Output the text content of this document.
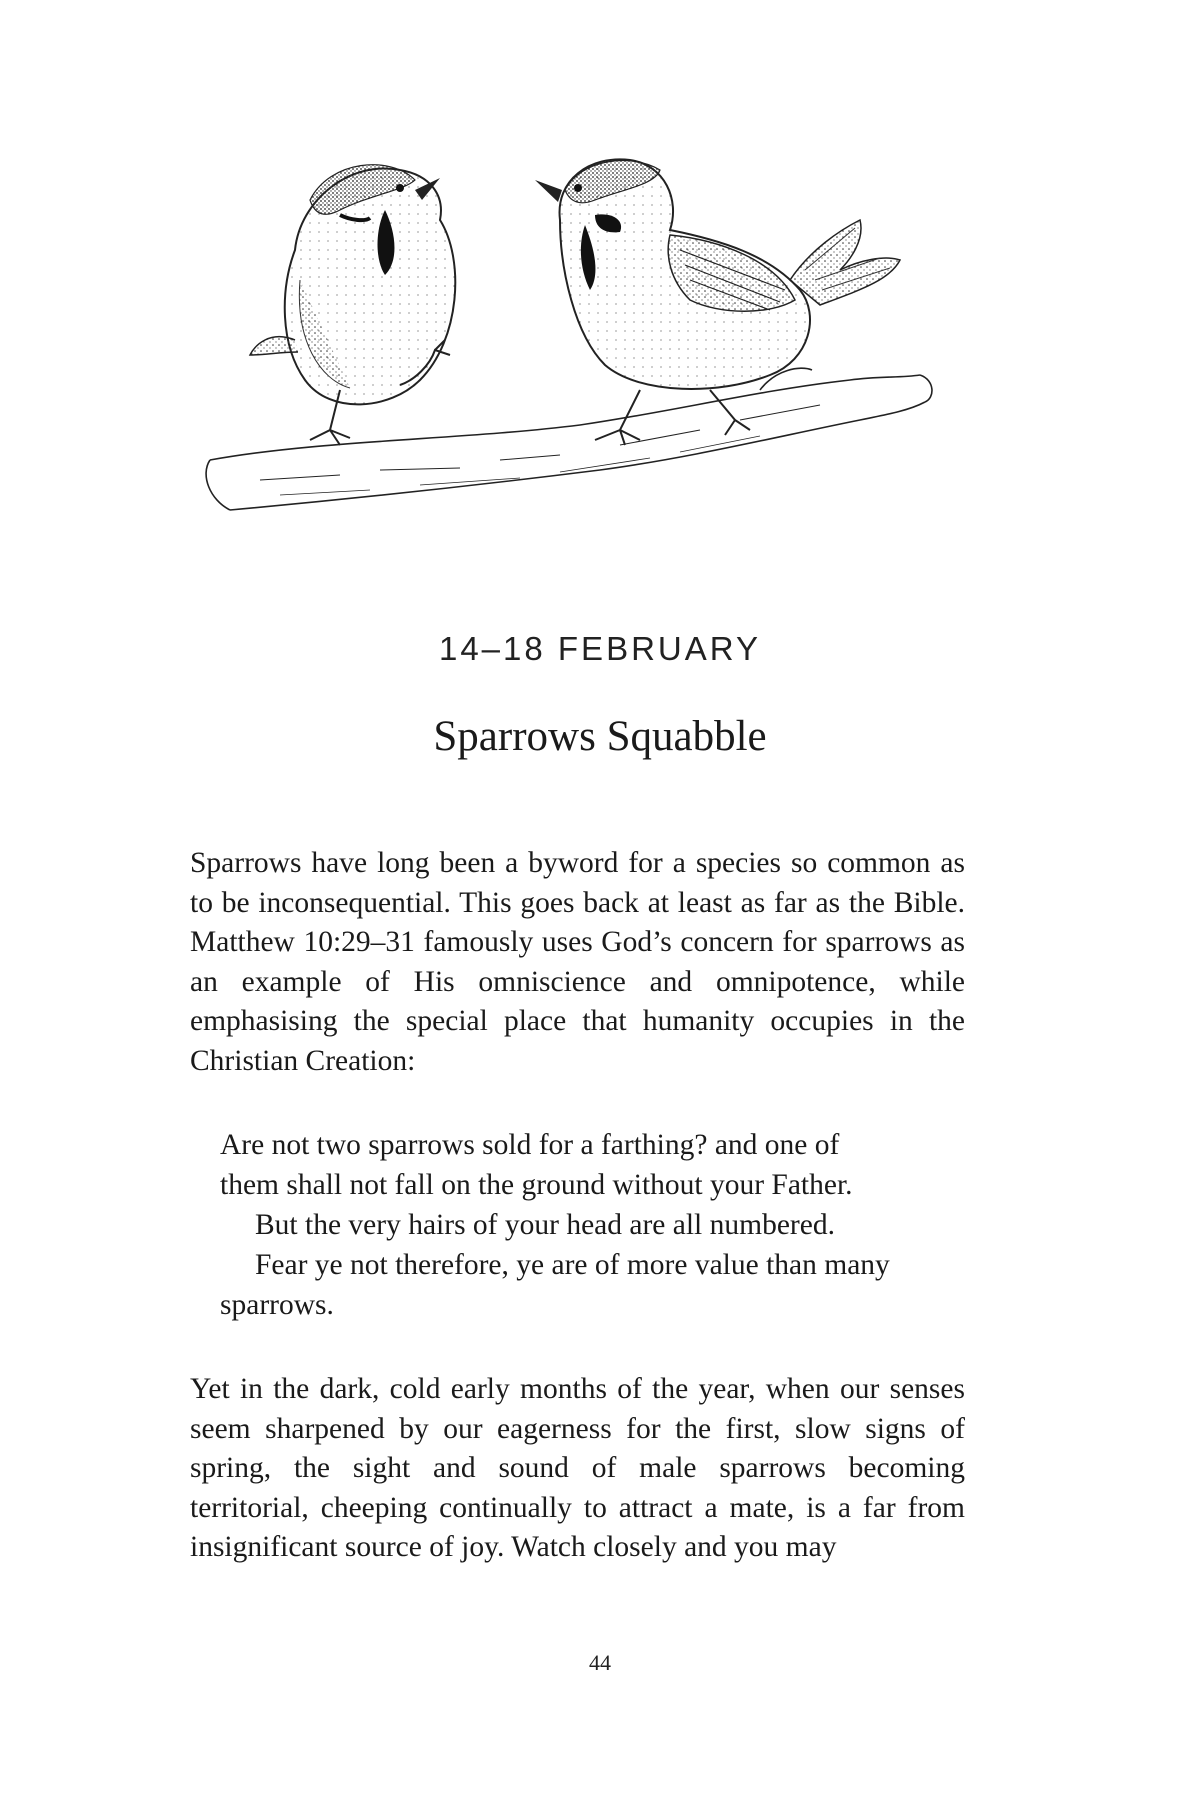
14–18 FEBRUARY
Sparrows Squabble

Sparrows have long been a byword for a species so common as to be inconsequential. This goes back at least as far as the Bible. Matthew 10:29–31 famously uses God’s concern for sparrows as an example of His omniscience and omnipotence, while emphasising the special place that humanity occupies in the Christian Creation:

Are not two sparrows sold for a farthing? and one of
them shall not fall on the ground without your Father.
But the very hairs of your head are all numbered.
Fear ye not therefore, ye are of more value than many
sparrows.

Yet in the dark, cold early months of the year, when our senses seem sharpened by our eagerness for the first, slow signs of spring, the sight and sound of male sparrows becoming territorial, cheeping continually to attract a mate, is a far from insignificant source of joy. Watch closely and you may

44
